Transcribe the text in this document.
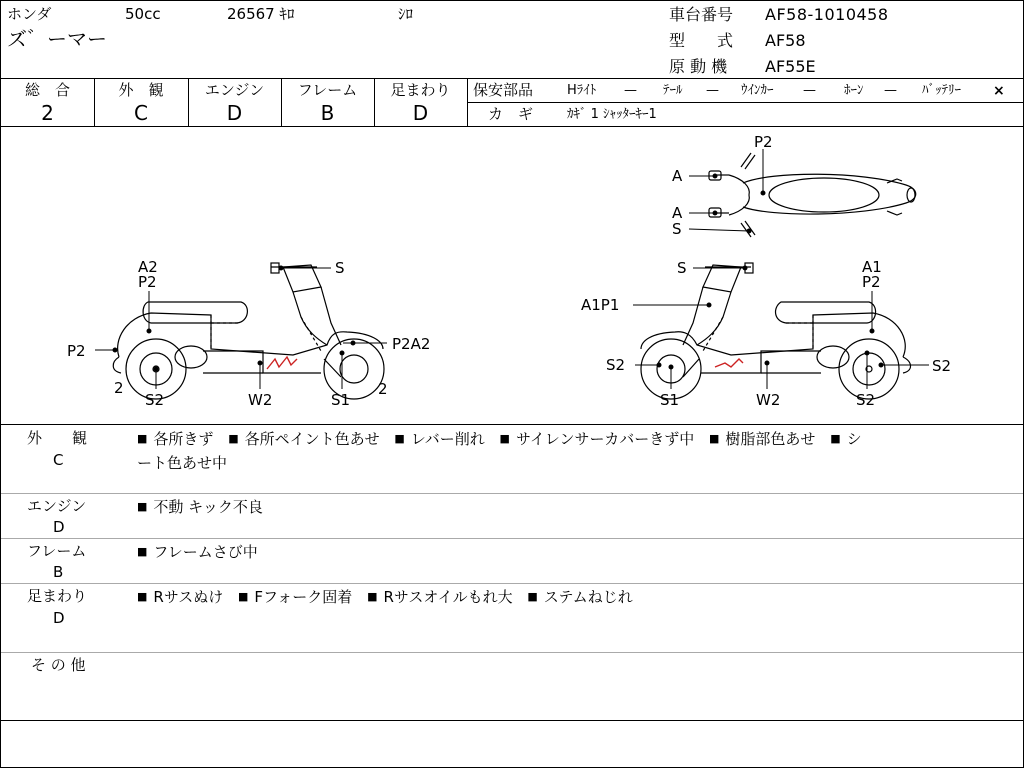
ホンダ	50cc	26567 ｷﾛ	ｼﾛ
ズ゛ーマー
車台番号 AF58-1010458
型　　式 AF58
原 動 機 AF55E
総　合
2
外　観
C
エンジン
D
フレーム
B
足まわり
D
保安部品	Hﾗｲﾄ — ﾃｰﾙ — ｳｲﾝｶｰ — ﾎｰﾝ — ﾊﾞｯﾃﾘｰ ×
カ　ギ	ｶｷﾞ 1 ｼｬｯﾀｰｷｰ1
P2
A
A
S
A2
P2
S
P2	P2A2
2	2
S2	W2	S1
S	A1
P2
A1P1
S2	S2
S1	W2	S2
外　　観
C
■ 各所きず ■ 各所ペイント色あせ ■ レバー削れ ■ サイレンサーカバーきず中 ■ 樹脂部色あせ ■ シ
ート色あせ中
エンジン
D
■ 不動 キック不良
フレーム
B
■ フレームさび中
足まわり
D
■ Rサスぬけ ■ Fフォーク固着 ■ Rサスオイルもれ大 ■ ステムねじれ
そ の 他
